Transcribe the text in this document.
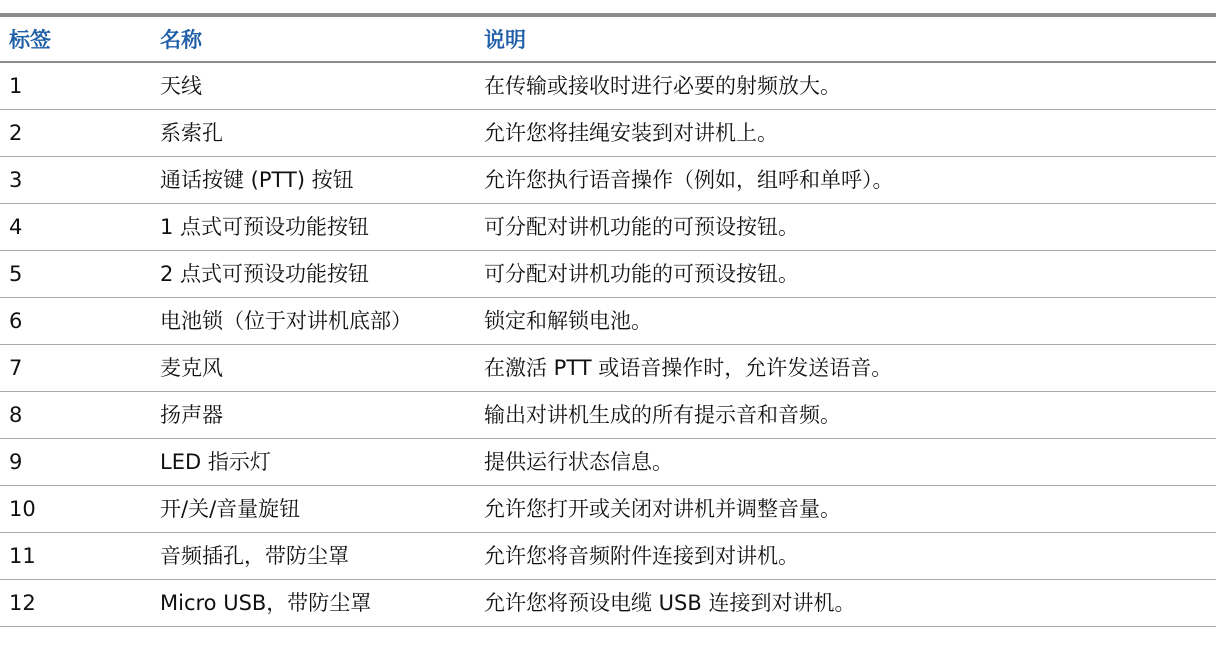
标签	名称	说明
1	天线	在传输或接收时进行必要的射频放大。
2	系索孔	允许您将挂绳安装到对讲机上。
3	通话按键 (PTT) 按钮	允许您执行语音操作（例如，组呼和单呼）。
4	1 点式可预设功能按钮	可分配对讲机功能的可预设按钮。
5	2 点式可预设功能按钮	可分配对讲机功能的可预设按钮。
6	电池锁（位于对讲机底部）	锁定和解锁电池。
7	麦克风	在激活 PTT 或语音操作时，允许发送语音。
8	扬声器	输出对讲机生成的所有提示音和音频。
9	LED 指示灯	提供运行状态信息。
10	开/关/音量旋钮	允许您打开或关闭对讲机并调整音量。
11	音频插孔，带防尘罩	允许您将音频附件连接到对讲机。
12	Micro USB，带防尘罩	允许您将预设电缆 USB 连接到对讲机。
